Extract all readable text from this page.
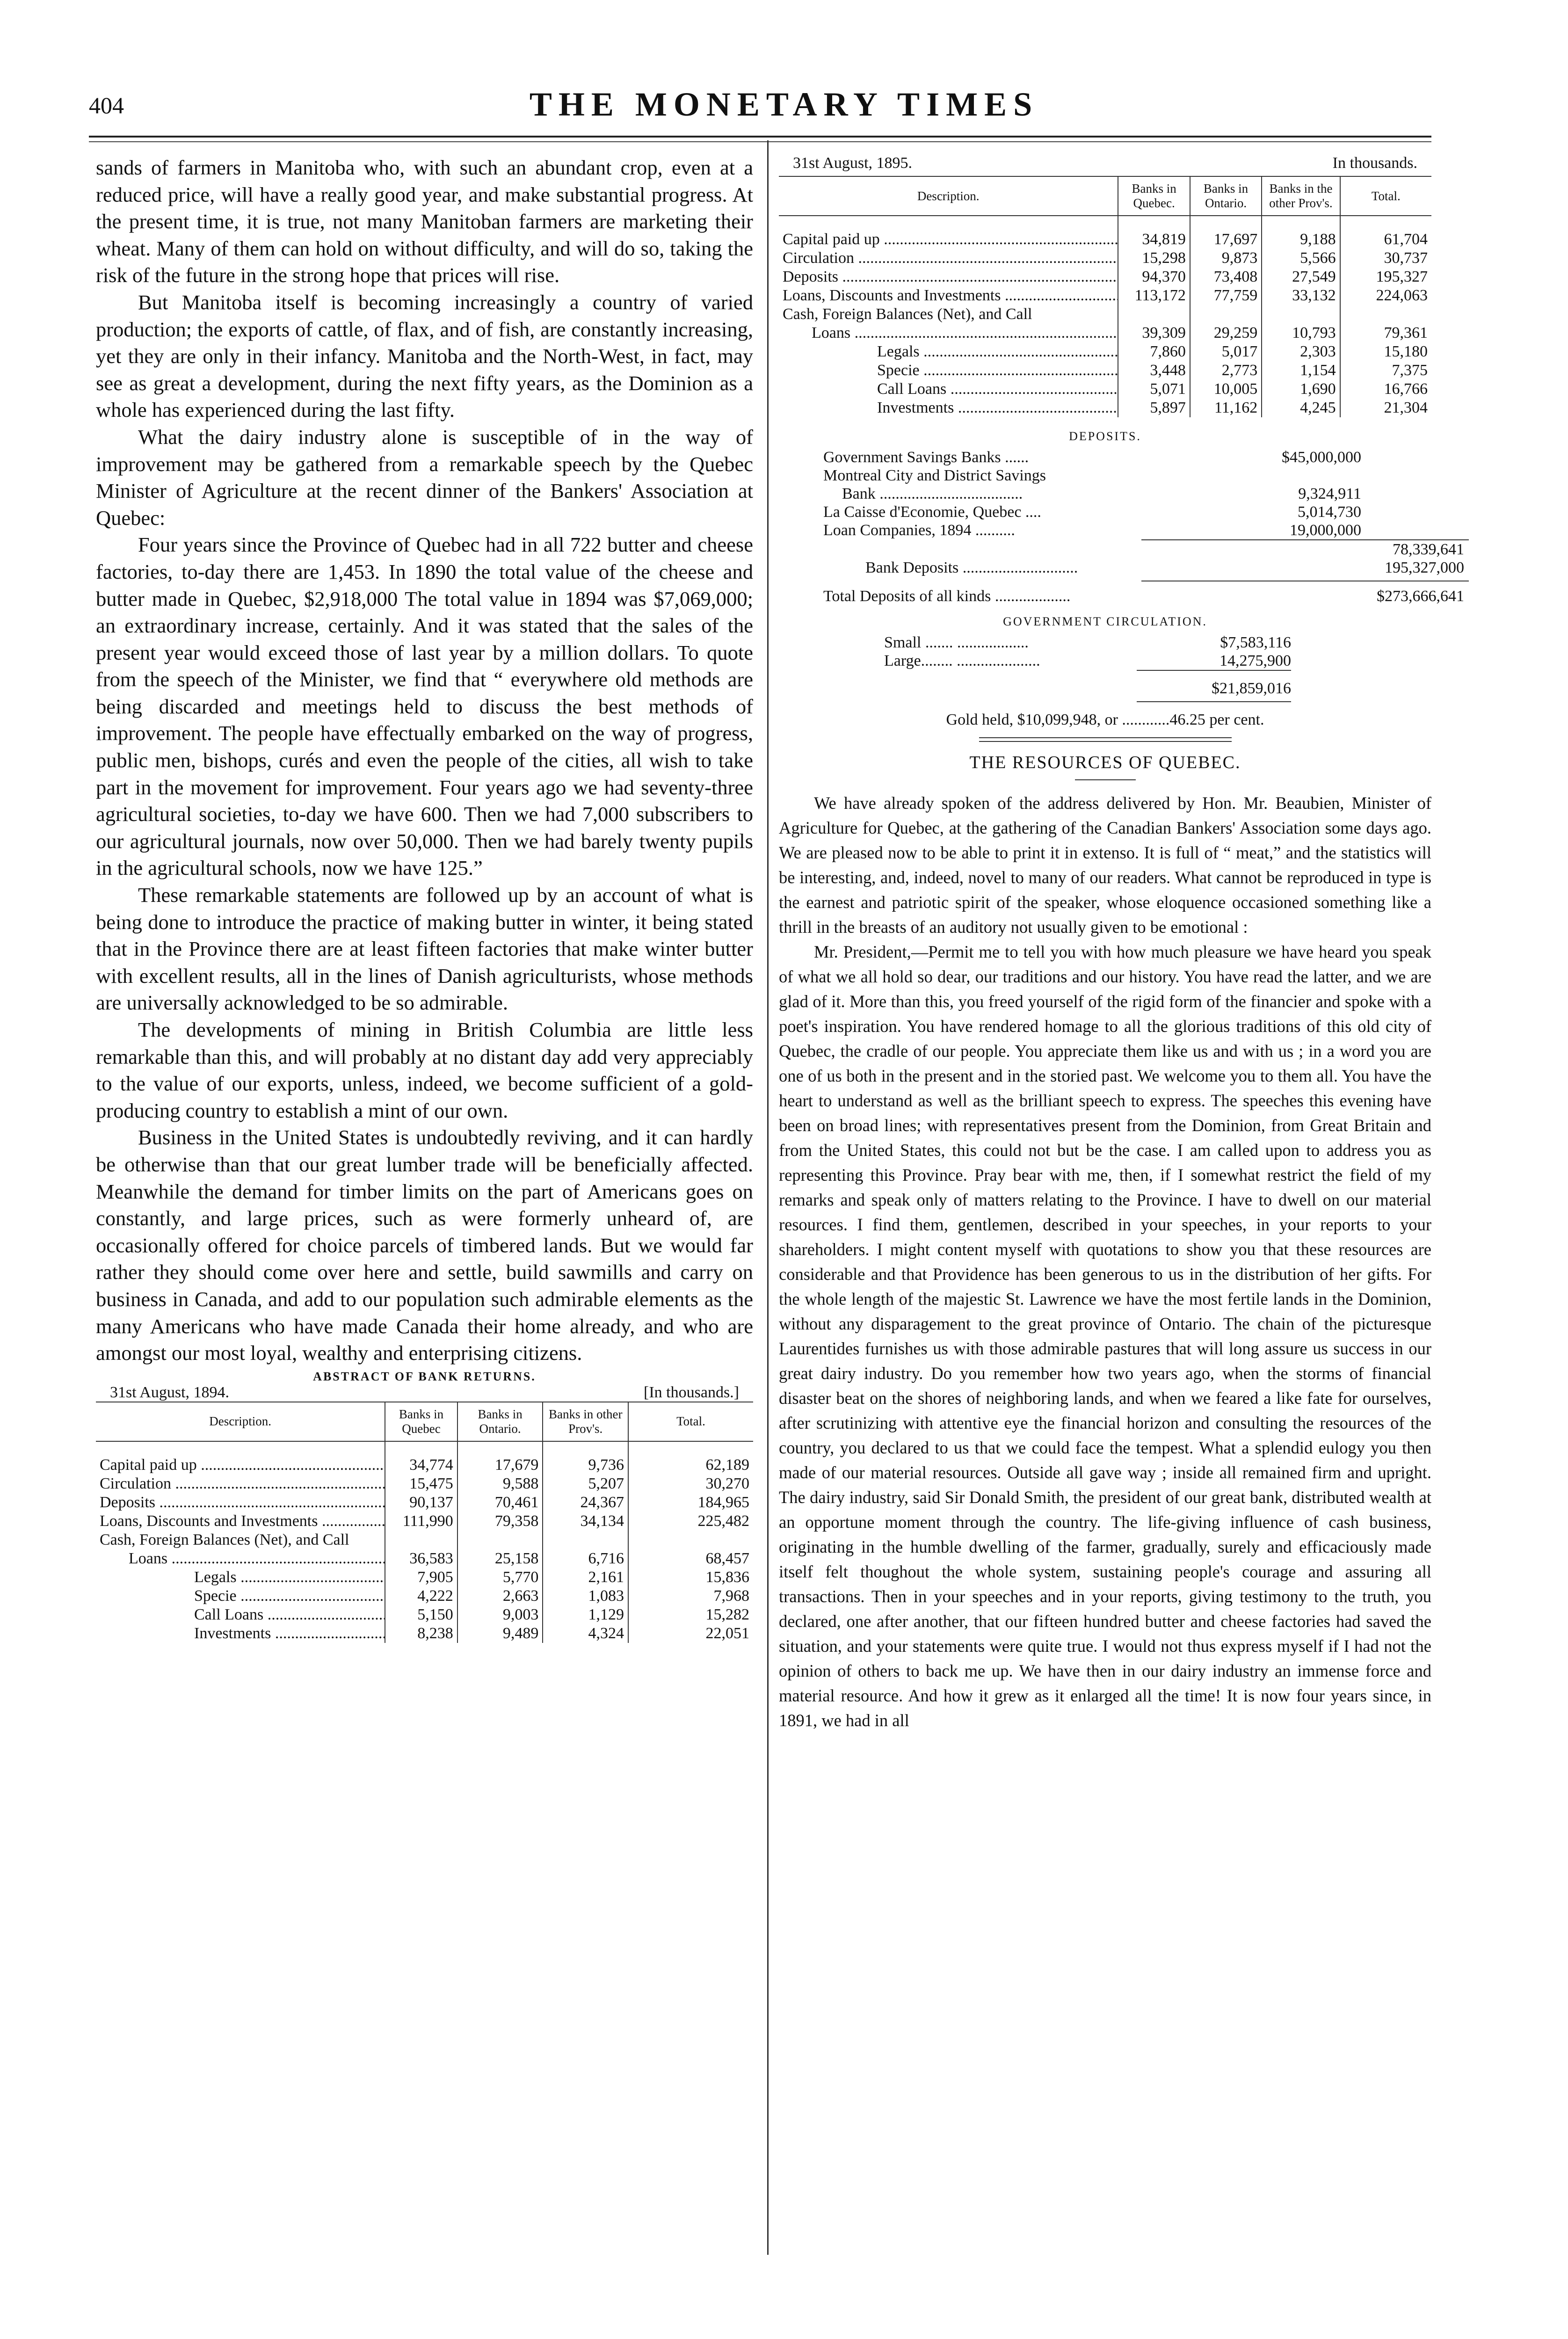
404	THE MONETARY TIMES

sands of farmers in Manitoba who, with such an abundant crop, even at a reduced price, will have a really good year, and make substantial progress. At the present time, it is true, not many Manitoban farmers are marketing their wheat. Many of them can hold on without difficulty, and will do so, taking the risk of the future in the strong hope that prices will rise.

But Manitoba itself is becoming increasingly a country of varied production; the exports of cattle, of flax, and of fish, are constantly increasing, yet they are only in their infancy. Manitoba and the North-West, in fact, may see as great a development, during the next fifty years, as the Dominion as a whole has experienced during the last fifty.

What the dairy industry alone is susceptible of in the way of improvement may be gathered from a remarkable speech by the Quebec Minister of Agriculture at the recent dinner of the Bankers' Association at Quebec:

Four years since the Province of Quebec had in all 722 butter and cheese factories, to-day there are 1,453. In 1890 the total value of the cheese and butter made in Quebec, $2,918,000 The total value in 1894 was $7,069,000; an extraordinary increase, certainly. And it was stated that the sales of the present year would exceed those of last year by a million dollars. To quote from the speech of the Minister, we find that “ everywhere old methods are being discarded and meetings held to discuss the best methods of improvement. The people have effectually embarked on the way of progress, public men, bishops, curés and even the people of the cities, all wish to take part in the movement for improvement. Four years ago we had seventy-three agricultural societies, to-day we have 600. Then we had 7,000 subscribers to our agricultural journals, now over 50,000. Then we had barely twenty pupils in the agricultural schools, now we have 125.”

These remarkable statements are followed up by an account of what is being done to introduce the practice of making butter in winter, it being stated that in the Province there are at least fifteen factories that make winter butter with excellent results, all in the lines of Danish agriculturists, whose methods are universally acknowledged to be so admirable.

The developments of mining in British Columbia are little less remarkable than this, and will probably at no distant day add very appreciably to the value of our exports, unless, indeed, we become sufficient of a gold-producing country to establish a mint of our own.

Business in the United States is undoubtedly reviving, and it can hardly be otherwise than that our great lumber trade will be beneficially affected. Meanwhile the demand for timber limits on the part of Americans goes on constantly, and large prices, such as were formerly unheard of, are occasionally offered for choice parcels of timbered lands. But we would far rather they should come over here and settle, build sawmills and carry on business in Canada, and add to our population such admirable elements as the many Americans who have made Canada their home already, and who are amongst our most loyal, wealthy and enterprising citizens.

ABSTRACT OF BANK RETURNS.
31st August, 1894.	[In thousands.]
Description.	Banks in Quebec	Banks in Ontario.	Banks in other Prov's.	Total.

Capital paid up .....	34,774	17,679	9,736	62,189
Circulation .....	15,475	9,588	5,207	30,270
Deposits .....	90,137	70,461	24,367	184,965
Loans, Discounts and Investments .....	111,990	79,358	34,134	225,482
Cash, Foreign Balances (Net), and Call				
Loans .....	36,583	25,158	6,716	68,457
Legals .....	7,905	5,770	2,161	15,836
Specie .....	4,222	2,663	1,083	7,968
Call Loans .....	5,150	9,003	1,129	15,282
Investments .....	8,238	9,489	4,324	22,051
31st August, 1895.	In thousands.
Description.	Banks in Quebec.	Banks in Ontario.	Banks in the other Prov's.	Total.

Capital paid up .....	34,819	17,697	9,188	61,704
Circulation .....	15,298	9,873	5,566	30,737
Deposits .....	94,370	73,408	27,549	195,327
Loans, Discounts and Investments .....	113,172	77,759	33,132	224,063
Cash, Foreign Balances (Net), and Call				
Loans .....	39,309	29,259	10,793	79,361
Legals .....	7,860	5,017	2,303	15,180
Specie .....	3,448	2,773	1,154	7,375
Call Loans .....	5,071	10,005	1,690	16,766
Investments .....	5,897	11,162	4,245	21,304
DEPOSITS.
Government Savings Banks ......	$45,000,000
Montreal City and District Savings
Bank ....................................	9,324,911
La Caisse d'Economie, Quebec ....	5,014,730
Loan Companies, 1894 ..........	19,000,000
78,339,641
Bank Deposits .............................	195,327,000
Total Deposits of all kinds ...................	$273,666,641
GOVERNMENT CIRCULATION.
Small ....... ..................	$7,583,116
Large........ .....................	14,275,900
$21,859,016
Gold held, $10,099,948, or ............46.25 per cent.
THE RESOURCES OF QUEBEC.

We have already spoken of the address delivered by Hon. Mr. Beaubien, Minister of Agriculture for Quebec, at the gathering of the Canadian Bankers' Association some days ago. We are pleased now to be able to print it in extenso. It is full of “ meat,” and the statistics will be interesting, and, indeed, novel to many of our readers. What cannot be reproduced in type is the earnest and patriotic spirit of the speaker, whose eloquence occasioned something like a thrill in the breasts of an auditory not usually given to be emotional :

Mr. President,—Permit me to tell you with how much pleasure we have heard you speak of what we all hold so dear, our traditions and our history. You have read the latter, and we are glad of it. More than this, you freed yourself of the rigid form of the financier and spoke with a poet's inspiration. You have rendered homage to all the glorious traditions of this old city of Quebec, the cradle of our people. You appreciate them like us and with us ; in a word you are one of us both in the present and in the storied past. We welcome you to them all. You have the heart to understand as well as the brilliant speech to express. The speeches this evening have been on broad lines; with representatives present from the Dominion, from Great Britain and from the United States, this could not but be the case. I am called upon to address you as representing this Province. Pray bear with me, then, if I somewhat restrict the field of my remarks and speak only of matters relating to the Province. I have to dwell on our material resources. I find them, gentlemen, described in your speeches, in your reports to your shareholders. I might content myself with quotations to show you that these resources are considerable and that Providence has been generous to us in the distribution of her gifts. For the whole length of the majestic St. Lawrence we have the most fertile lands in the Dominion, without any disparagement to the great province of Ontario. The chain of the picturesque Laurentides furnishes us with those admirable pastures that will long assure us success in our great dairy industry. Do you remember how two years ago, when the storms of financial disaster beat on the shores of neighboring lands, and when we feared a like fate for ourselves, after scrutinizing with attentive eye the financial horizon and consulting the resources of the country, you declared to us that we could face the tempest. What a splendid eulogy you then made of our material resources. Outside all gave way ; inside all remained firm and upright. The dairy industry, said Sir Donald Smith, the president of our great bank, distributed wealth at an opportune moment through the country. The life-giving influence of cash business, originating in the humble dwelling of the farmer, gradually, surely and efficaciously made itself felt thoughout the whole system, sustaining people's courage and assuring all transactions. Then in your speeches and in your reports, giving testimony to the truth, you declared, one after another, that our fifteen hundred butter and cheese factories had saved the situation, and your statements were quite true. I would not thus express myself if I had not the opinion of others to back me up. We have then in our dairy industry an immense force and material resource. And how it grew as it enlarged all the time! It is now four years since, in 1891, we had in all
